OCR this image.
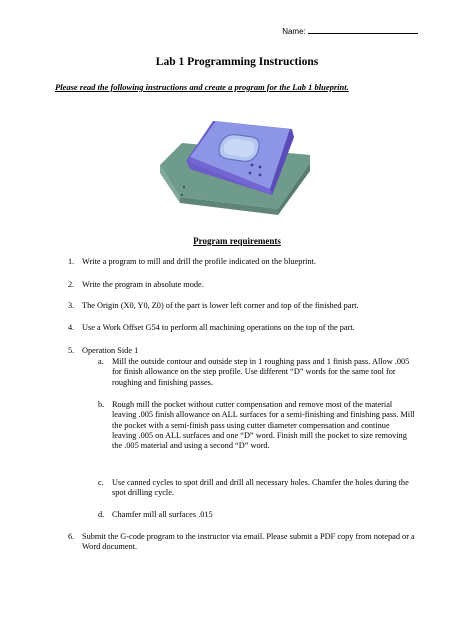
Name:
Lab 1 Programming Instructions
Please read the following instructions and create a program for the Lab 1 blueprint.
Program requirements
1. Write a program to mill and drill the profile indicated on the blueprint.
2. Write the program in absolute mode.
3. The Origin (X0, Y0, Z0) of the part is lower left corner and top of the finished part.
4. Use a Work Offset G54 to perform all machining operations on the top of the part.
5. Operation Side 1
a. Mill the outside contour and outside step in 1 roughing pass and 1 finish pass. Allow .005 for finish allowance on the step profile. Use different “D” words for the same tool for roughing and finishing passes.
b. Rough mill the pocket without cutter compensation and remove most of the material leaving .005 finish allowance on ALL surfaces for a semi-finishing and finishing pass. Mill the pocket with a semi-finish pass using cutter diameter compensation and continue leaving .005 on ALL surfaces and one “D” word. Finish mill the pocket to size removing the .005 material and using a second “D” word.
c. Use canned cycles to spot drill and drill all necessary holes. Chamfer the holes during the spot drilling cycle.
d. Chamfer mill all surfaces .015
6. Submit the G-code program to the instructor via email. Please submit a PDF copy from notepad or a Word document.
